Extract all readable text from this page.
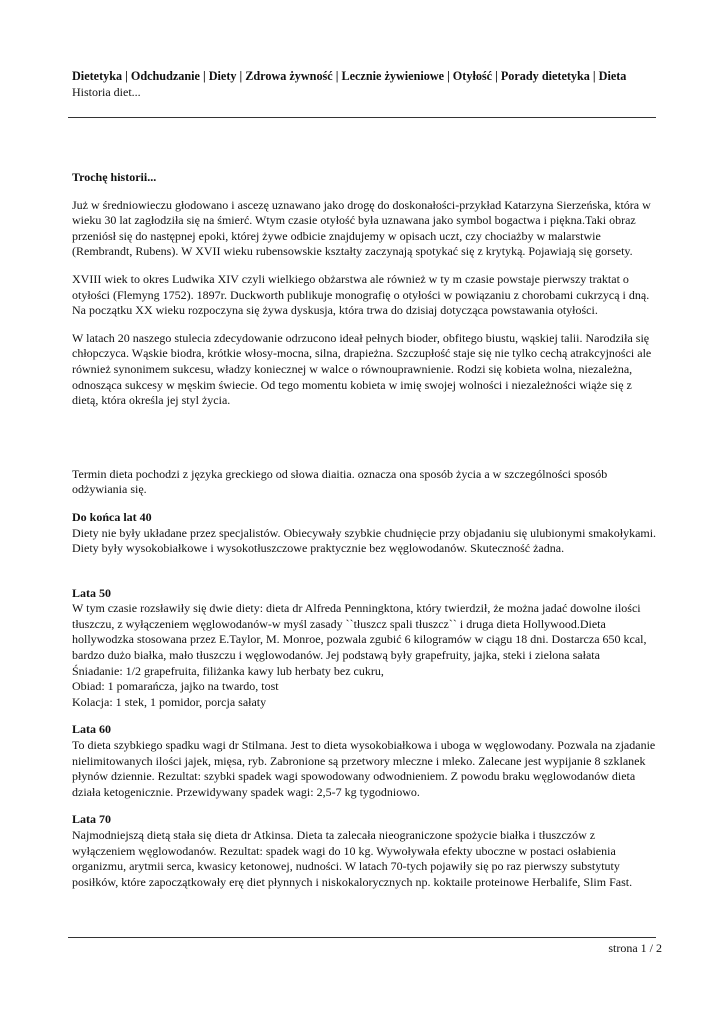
Dietetyka | Odchudzanie | Diety | Zdrowa żywność | Lecznie żywieniowe | Otyłość | Porady dietetyka | Dieta
Historia diet...

Trochę historii...

Już w średniowieczu głodowano i ascezę uznawano jako drogę do doskonałości-przykład Katarzyna Sierzeńska, która w wieku 30 lat zagłodziła się na śmierć. Wtym czasie otyłość była uznawana jako symbol bogactwa i piękna.Taki obraz przeniósł się do następnej epoki, której żywe odbicie znajdujemy w opisach uczt, czy chociażby w malarstwie (Rembrandt, Rubens). W XVII wieku rubensowskie kształty zaczynają spotykać się z krytyką. Pojawiają się gorsety.

XVIII wiek to okres Ludwika XIV czyli wielkiego obżarstwa ale również w ty m czasie powstaje pierwszy traktat o otyłości (Flemyng 1752). 1897r. Duckworth publikuje monografię o otyłości w powiązaniu z chorobami cukrzycą i dną. Na początku XX wieku rozpoczyna się żywa dyskusja, która trwa do dzisiaj dotycząca powstawania otyłości.

W latach 20 naszego stulecia zdecydowanie odrzucono ideał pełnych bioder, obfitego biustu, wąskiej talii. Narodziła się chłopczyca. Wąskie biodra, krótkie włosy-mocna, silna, drapieżna. Szczupłość staje się nie tylko cechą atrakcyjności ale również synonimem sukcesu, władzy koniecznej w walce o równouprawnienie. Rodzi się kobieta wolna, niezależna, odnosząca sukcesy w męskim świecie. Od tego momentu kobieta w imię swojej wolności i niezależności wiąże się z dietą, która określa jej styl życia.

Termin dieta pochodzi z języka greckiego od słowa diaitia. oznacza ona sposób życia a w szczególności sposób odżywiania się.

Do końca lat 40

Diety nie były układane przez specjalistów. Obiecywały szybkie chudnięcie przy objadaniu się ulubionymi smakołykami. Diety były wysokobiałkowe i wysokotłuszczowe praktycznie bez węglowodanów. Skuteczność żadna.

Lata 50

W tym czasie rozsławiły się dwie diety: dieta dr Alfreda Penningktona, który twierdził, że można jadać dowolne ilości tłuszczu, z wyłączeniem węglowodanów-w myśl zasady ``tłuszcz spali tłuszcz`` i druga dieta Hollywood.Dieta hollywodzka stosowana przez E.Taylor, M. Monroe, pozwala zgubić 6 kilogramów w ciągu 18 dni. Dostarcza 650 kcal, bardzo dużo białka, mało tłuszczu i węglowodanów. Jej podstawą były grapefruity, jajka, steki i zielona sałata

Śniadanie: 1/2 grapefruita, filiżanka kawy lub herbaty bez cukru,

Obiad: 1 pomarańcza, jajko na twardo, tost

Kolacja: 1 stek, 1 pomidor, porcja sałaty

Lata 60

To dieta szybkiego spadku wagi dr Stilmana. Jest to dieta wysokobiałkowa i uboga w węglowodany. Pozwala na zjadanie nielimitowanych ilości jajek, mięsa, ryb. Zabronione są przetwory mleczne i mleko. Zalecane jest wypijanie 8 szklanek płynów dziennie. Rezultat: szybki spadek wagi spowodowany odwodnieniem. Z powodu braku węglowodanów dieta działa ketogenicznie. Przewidywany spadek wagi: 2,5-7 kg tygodniowo.

Lata 70

Najmodniejszą dietą stała się dieta dr Atkinsa. Dieta ta zalecała nieograniczone spożycie białka i tłuszczów z wyłączeniem węglowodanów. Rezultat: spadek wagi do 10 kg. Wywoływała efekty uboczne w postaci osłabienia organizmu, arytmii serca, kwasicy ketonowej, nudności. W latach 70-tych pojawiły się po raz pierwszy substytuty posiłków, które zapoczątkowały erę diet płynnych i niskokalorycznych np. koktaile proteinowe Herbalife, Slim Fast.

strona 1 / 2
